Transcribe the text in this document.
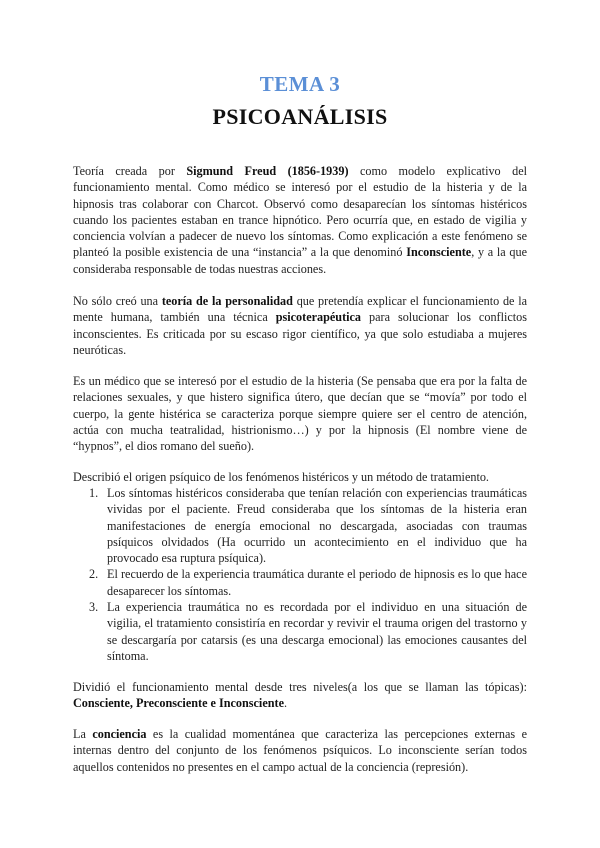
TEMA 3
PSICOANÁLISIS

Teoría creada por Sigmund Freud (1856-1939) como modelo explicativo del funcionamiento mental. Como médico se interesó por el estudio de la histeria y de la hipnosis tras colaborar con Charcot. Observó como desaparecían los síntomas histéricos cuando los pacientes estaban en trance hipnótico. Pero ocurría que, en estado de vigilia y conciencia volvían a padecer de nuevo los síntomas. Como explicación a este fenómeno se planteó la posible existencia de una “instancia” a la que denominó Inconsciente, y a la que consideraba responsable de todas nuestras acciones.

No sólo creó una teoría de la personalidad que pretendía explicar el funcionamiento de la mente humana, también una técnica psicoterapéutica para solucionar los conflictos inconscientes. Es criticada por su escaso rigor científico, ya que solo estudiaba a mujeres neuróticas.

Es un médico que se interesó por el estudio de la histeria (Se pensaba que era por la falta de relaciones sexuales, y que histero significa útero, que decían que se “movía” por todo el cuerpo, la gente histérica se caracteriza porque siempre quiere ser el centro de atención, actúa con mucha teatralidad, histrionismo…) y por la hipnosis (El nombre viene de “hypnos”, el dios romano del sueño).

Describió el origen psíquico de los fenómenos histéricos y un método de tratamiento.

1. Los síntomas histéricos consideraba que tenían relación con experiencias traumáticas vividas por el paciente. Freud consideraba que los síntomas de la histeria eran manifestaciones de energía emocional no descargada, asociadas con traumas psíquicos olvidados (Ha ocurrido un acontecimiento en el individuo que ha provocado esa ruptura psíquica).
2. El recuerdo de la experiencia traumática durante el periodo de hipnosis es lo que hace desaparecer los síntomas.
3. La experiencia traumática no es recordada por el individuo en una situación de vigilia, el tratamiento consistiría en recordar y revivir el trauma origen del trastorno y se descargaría por catarsis (es una descarga emocional) las emociones causantes del síntoma.

Dividió el funcionamiento mental desde tres niveles(a los que se llaman las tópicas): Consciente, Preconsciente e Inconsciente.

La conciencia es la cualidad momentánea que caracteriza las percepciones externas e internas dentro del conjunto de los fenómenos psíquicos. Lo inconsciente serían todos aquellos contenidos no presentes en el campo actual de la conciencia (represión).
